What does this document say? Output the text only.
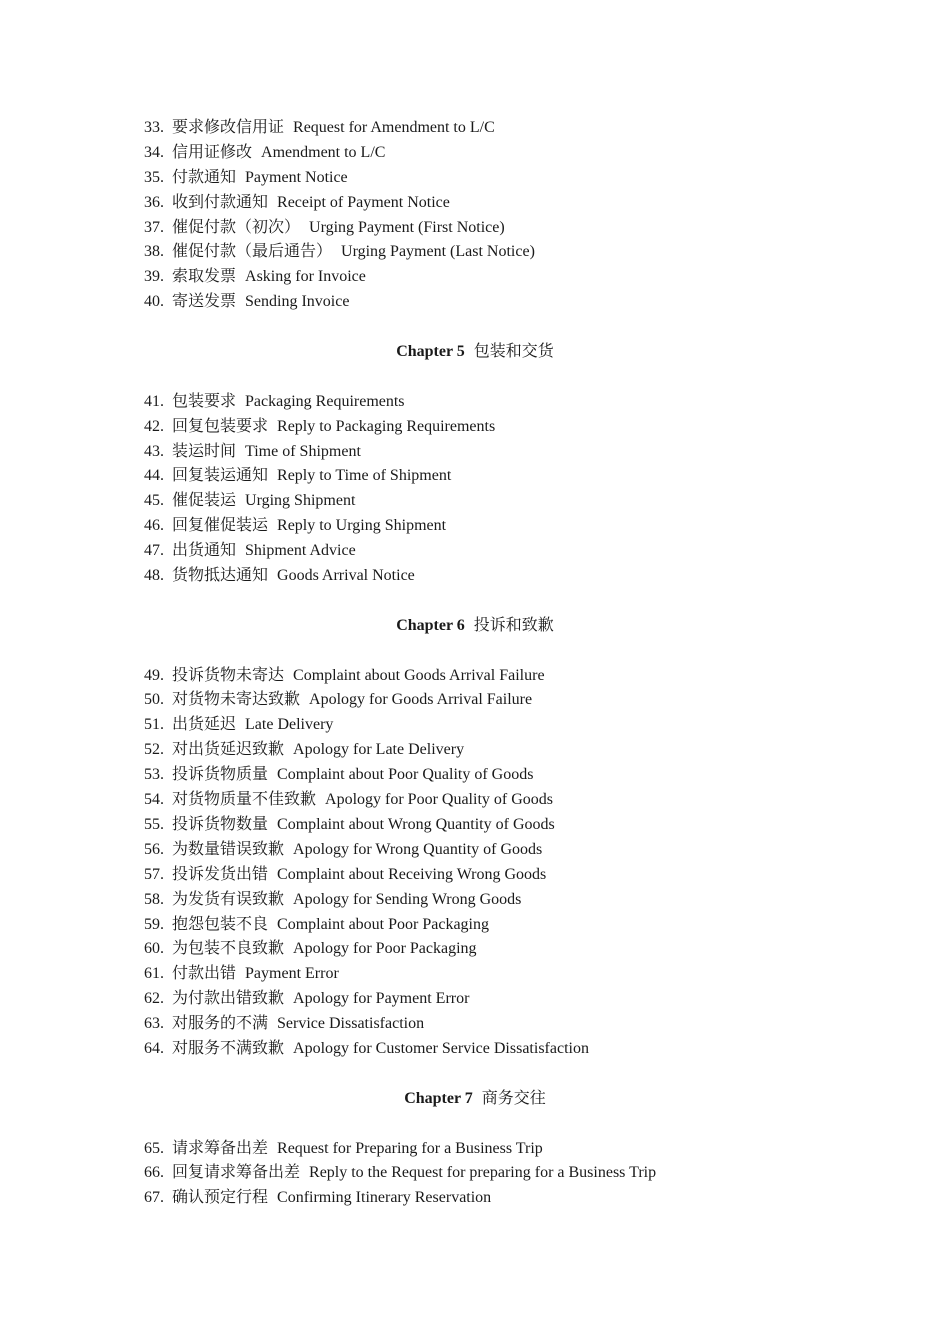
33. 要求修改信用证 Request for Amendment to L/C
34. 信用证修改 Amendment to L/C
35. 付款通知 Payment Notice
36. 收到付款通知 Receipt of Payment Notice
37. 催促付款（初次） Urging Payment (First Notice)
38. 催促付款（最后通告） Urging Payment (Last Notice)
39. 索取发票 Asking for Invoice
40. 寄送发票 Sending Invoice
Chapter 5 包装和交货
41. 包装要求 Packaging Requirements
42. 回复包装要求 Reply to Packaging Requirements
43. 装运时间 Time of Shipment
44. 回复装运通知 Reply to Time of Shipment
45. 催促装运 Urging Shipment
46. 回复催促装运 Reply to Urging Shipment
47. 出货通知 Shipment Advice
48. 货物抵达通知 Goods Arrival Notice
Chapter 6 投诉和致歉
49. 投诉货物未寄达 Complaint about Goods Arrival Failure
50. 对货物未寄达致歉 Apology for Goods Arrival Failure
51. 出货延迟 Late Delivery
52. 对出货延迟致歉 Apology for Late Delivery
53. 投诉货物质量 Complaint about Poor Quality of Goods
54. 对货物质量不佳致歉 Apology for Poor Quality of Goods
55. 投诉货物数量 Complaint about Wrong Quantity of Goods
56. 为数量错误致歉 Apology for Wrong Quantity of Goods
57. 投诉发货出错 Complaint about Receiving Wrong Goods
58. 为发货有误致歉 Apology for Sending Wrong Goods
59. 抱怨包装不良 Complaint about Poor Packaging
60. 为包装不良致歉 Apology for Poor Packaging
61. 付款出错 Payment Error
62. 为付款出错致歉 Apology for Payment Error
63. 对服务的不满 Service Dissatisfaction
64. 对服务不满致歉 Apology for Customer Service Dissatisfaction
Chapter 7 商务交往
65. 请求筹备出差 Request for Preparing for a Business Trip
66. 回复请求筹备出差 Reply to the Request for preparing for a Business Trip
67. 确认预定行程 Confirming Itinerary Reservation
